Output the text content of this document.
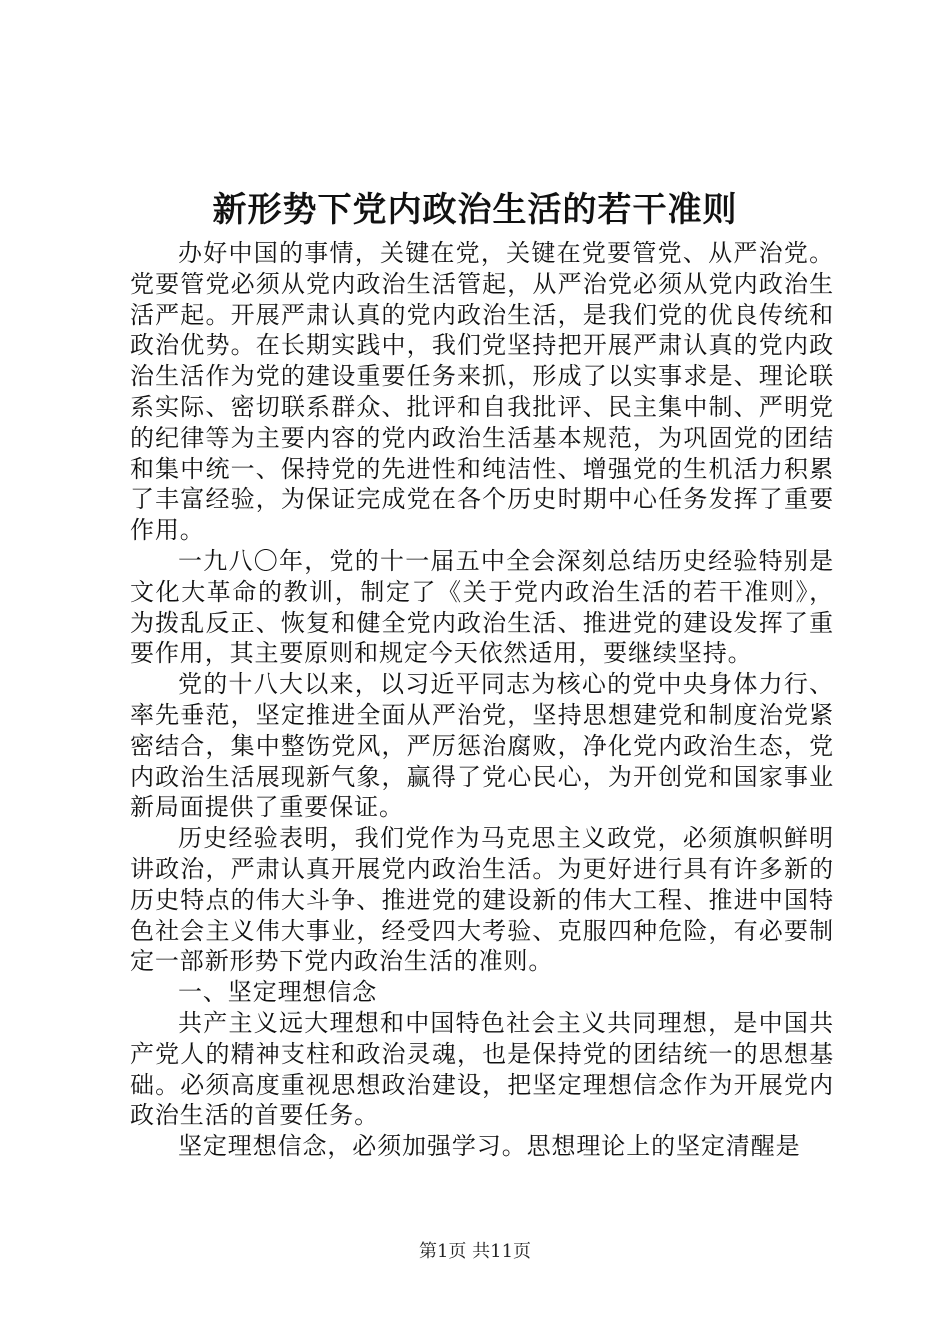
新形势下党内政治生活的若干准则

办好中国的事情，关键在党，关键在党要管党、从严治党。党要管党必须从党内政治生活管起，从严治党必须从党内政治生活严起。开展严肃认真的党内政治生活，是我们党的优良传统和政治优势。在长期实践中，我们党坚持把开展严肃认真的党内政治生活作为党的建设重要任务来抓，形成了以实事求是、理论联系实际、密切联系群众、批评和自我批评、民主集中制、严明党的纪律等为主要内容的党内政治生活基本规范，为巩固党的团结和集中统一、保持党的先进性和纯洁性、增强党的生机活力积累了丰富经验，为保证完成党在各个历史时期中心任务发挥了重要作用。

一九八〇年，党的十一届五中全会深刻总结历史经验特别是文化大革命的教训，制定了《关于党内政治生活的若干准则》，为拨乱反正、恢复和健全党内政治生活、推进党的建设发挥了重要作用，其主要原则和规定今天依然适用，要继续坚持。

党的十八大以来，以习近平同志为核心的党中央身体力行、率先垂范，坚定推进全面从严治党，坚持思想建党和制度治党紧密结合，集中整饬党风，严厉惩治腐败，净化党内政治生态，党内政治生活展现新气象，赢得了党心民心，为开创党和国家事业新局面提供了重要保证。

历史经验表明，我们党作为马克思主义政党，必须旗帜鲜明讲政治，严肃认真开展党内政治生活。为更好进行具有许多新的历史特点的伟大斗争、推进党的建设新的伟大工程、推进中国特色社会主义伟大事业，经受四大考验、克服四种危险，有必要制定一部新形势下党内政治生活的准则。

一、坚定理想信念

共产主义远大理想和中国特色社会主义共同理想，是中国共产党人的精神支柱和政治灵魂，也是保持党的团结统一的思想基础。必须高度重视思想政治建设，把坚定理想信念作为开展党内政治生活的首要任务。

坚定理想信念，必须加强学习。思想理论上的坚定清醒是

第1页 共11页
